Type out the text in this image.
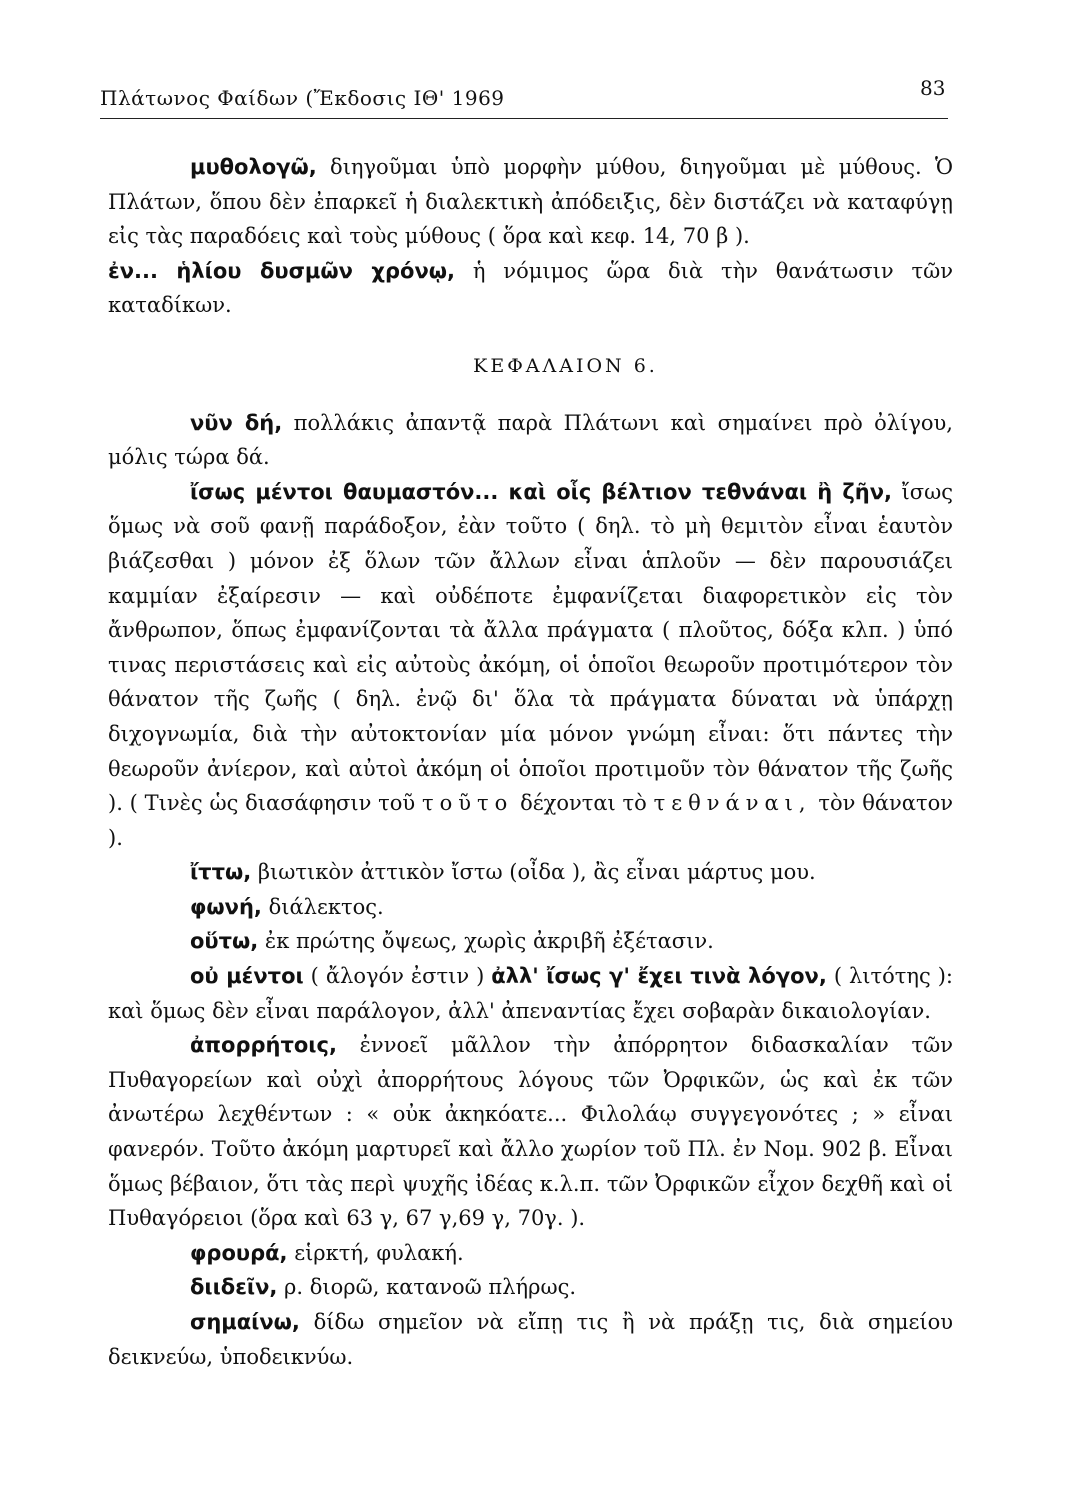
Πλάτωνος Φαίδων (Ἔκδοσις ΙΘ' 1969	83

μυθολογῶ, διηγοῦμαι ὑπὸ μορφὴν μύθου, διηγοῦμαι μὲ μύθους. Ὁ Πλάτων, ὅπου δὲν ἐπαρκεῖ ἡ διαλεκτικὴ ἀπόδειξις, δὲν διστάζει νὰ καταφύγῃ εἰς τὰς παραδόεις καὶ τοὺς μύθους ( ὅρα καὶ κεφ. 14, 70 β ).

ἐν... ἡλίου δυσμῶν χρόνῳ, ἡ νόμιμος ὥρα διὰ τὴν θανάτωσιν τῶν καταδίκων.

ΚΕΦΑΛΑΙΟΝ 6.

νῦν δή, πολλάκις ἀπαντᾷ παρὰ Πλάτωνι καὶ σημαίνει πρὸ ὀλίγου, μόλις τώρα δά.

ἴσως μέντοι θαυμαστόν... καὶ οἷς βέλτιον τεθνάναι ἢ ζῆν, ἴσως ὅμως νὰ σοῦ φανῇ παράδοξον, ἐὰν τοῦτο ( δηλ. τὸ μὴ θεμιτὸν εἶναι ἑαυτὸν βιάζεσθαι ) μόνον ἐξ ὅλων τῶν ἄλλων εἶναι ἁπλοῦν — δὲν παρουσιάζει καμμίαν ἐξαίρεσιν — καὶ οὐδέποτε ἐμφανίζεται διαφορετικὸν εἰς τὸν ἄνθρωπον, ὅπως ἐμφανίζονται τὰ ἄλλα πράγματα ( πλοῦτος, δόξα κλπ. ) ὑπό τινας περιστάσεις καὶ εἰς αὐτοὺς ἀκόμη, οἱ ὁποῖοι θεωροῦν προτιμότερον τὸν θάνατον τῆς ζωῆς ( δηλ. ἐνῷ δι' ὅλα τὰ πράγματα δύναται νὰ ὑπάρχῃ διχογνωμία, διὰ τὴν αὐτοκτονίαν μία μόνον γνώμη εἶναι: ὅτι πάντες τὴν θεωροῦν ἀνίερον, καὶ αὐτοὶ ἀκόμη οἱ ὁποῖοι προτιμοῦν τὸν θάνατον τῆς ζωῆς ). ( Τινὲς ὡς διασάφησιν τοῦ τοῦτο δέχονται τὸ τεθνάναι, τὸν θάνατον ).

ἴττω, βιωτικὸν ἀττικὸν ἴστω (οἶδα ), ἂς εἶναι μάρτυς μου.

φωνή, διάλεκτος.

οὕτω, ἐκ πρώτης ὄψεως, χωρὶς ἀκριβῆ ἐξέτασιν.

οὐ μέντοι ( ἄλογόν ἐστιν ) ἀλλ' ἴσως γ' ἔχει τινὰ λόγον, ( λιτότης ): καὶ ὅμως δὲν εἶναι παράλογον, ἀλλ' ἀπεναντίας ἔχει σοβαρὰν δικαιολογίαν.

ἀπορρήτοις, ἐννοεῖ μᾶλλον τὴν ἀπόρρητον διδασκαλίαν τῶν Πυθαγορείων καὶ οὐχὶ ἀπορρήτους λόγους τῶν Ὀρφικῶν, ὡς καὶ ἐκ τῶν ἀνωτέρω λεχθέντων : « οὐκ ἀκηκόατε... Φιλολάῳ συγγεγονότες ; » εἶναι φανερόν. Τοῦτο ἀκόμη μαρτυρεῖ καὶ ἄλλο χωρίον τοῦ Πλ. ἐν Νομ. 902 β. Εἶναι ὅμως βέβαιον, ὅτι τὰς περὶ ψυχῆς ἰδέας κ.λ.π. τῶν Ὀρφικῶν εἶχον δεχθῆ καὶ οἱ Πυθαγόρειοι (ὅρα καὶ 63 γ, 67 γ,69 γ, 70γ. ).

φρουρά, εἱρκτή, φυλακή.

διιδεῖν, ρ. διορῶ, κατανοῶ πλήρως.

σημαίνω, δίδω σημεῖον νὰ εἴπῃ τις ἢ νὰ πράξῃ τις, διὰ σημείου δεικνεύω, ὑποδεικνύω.
